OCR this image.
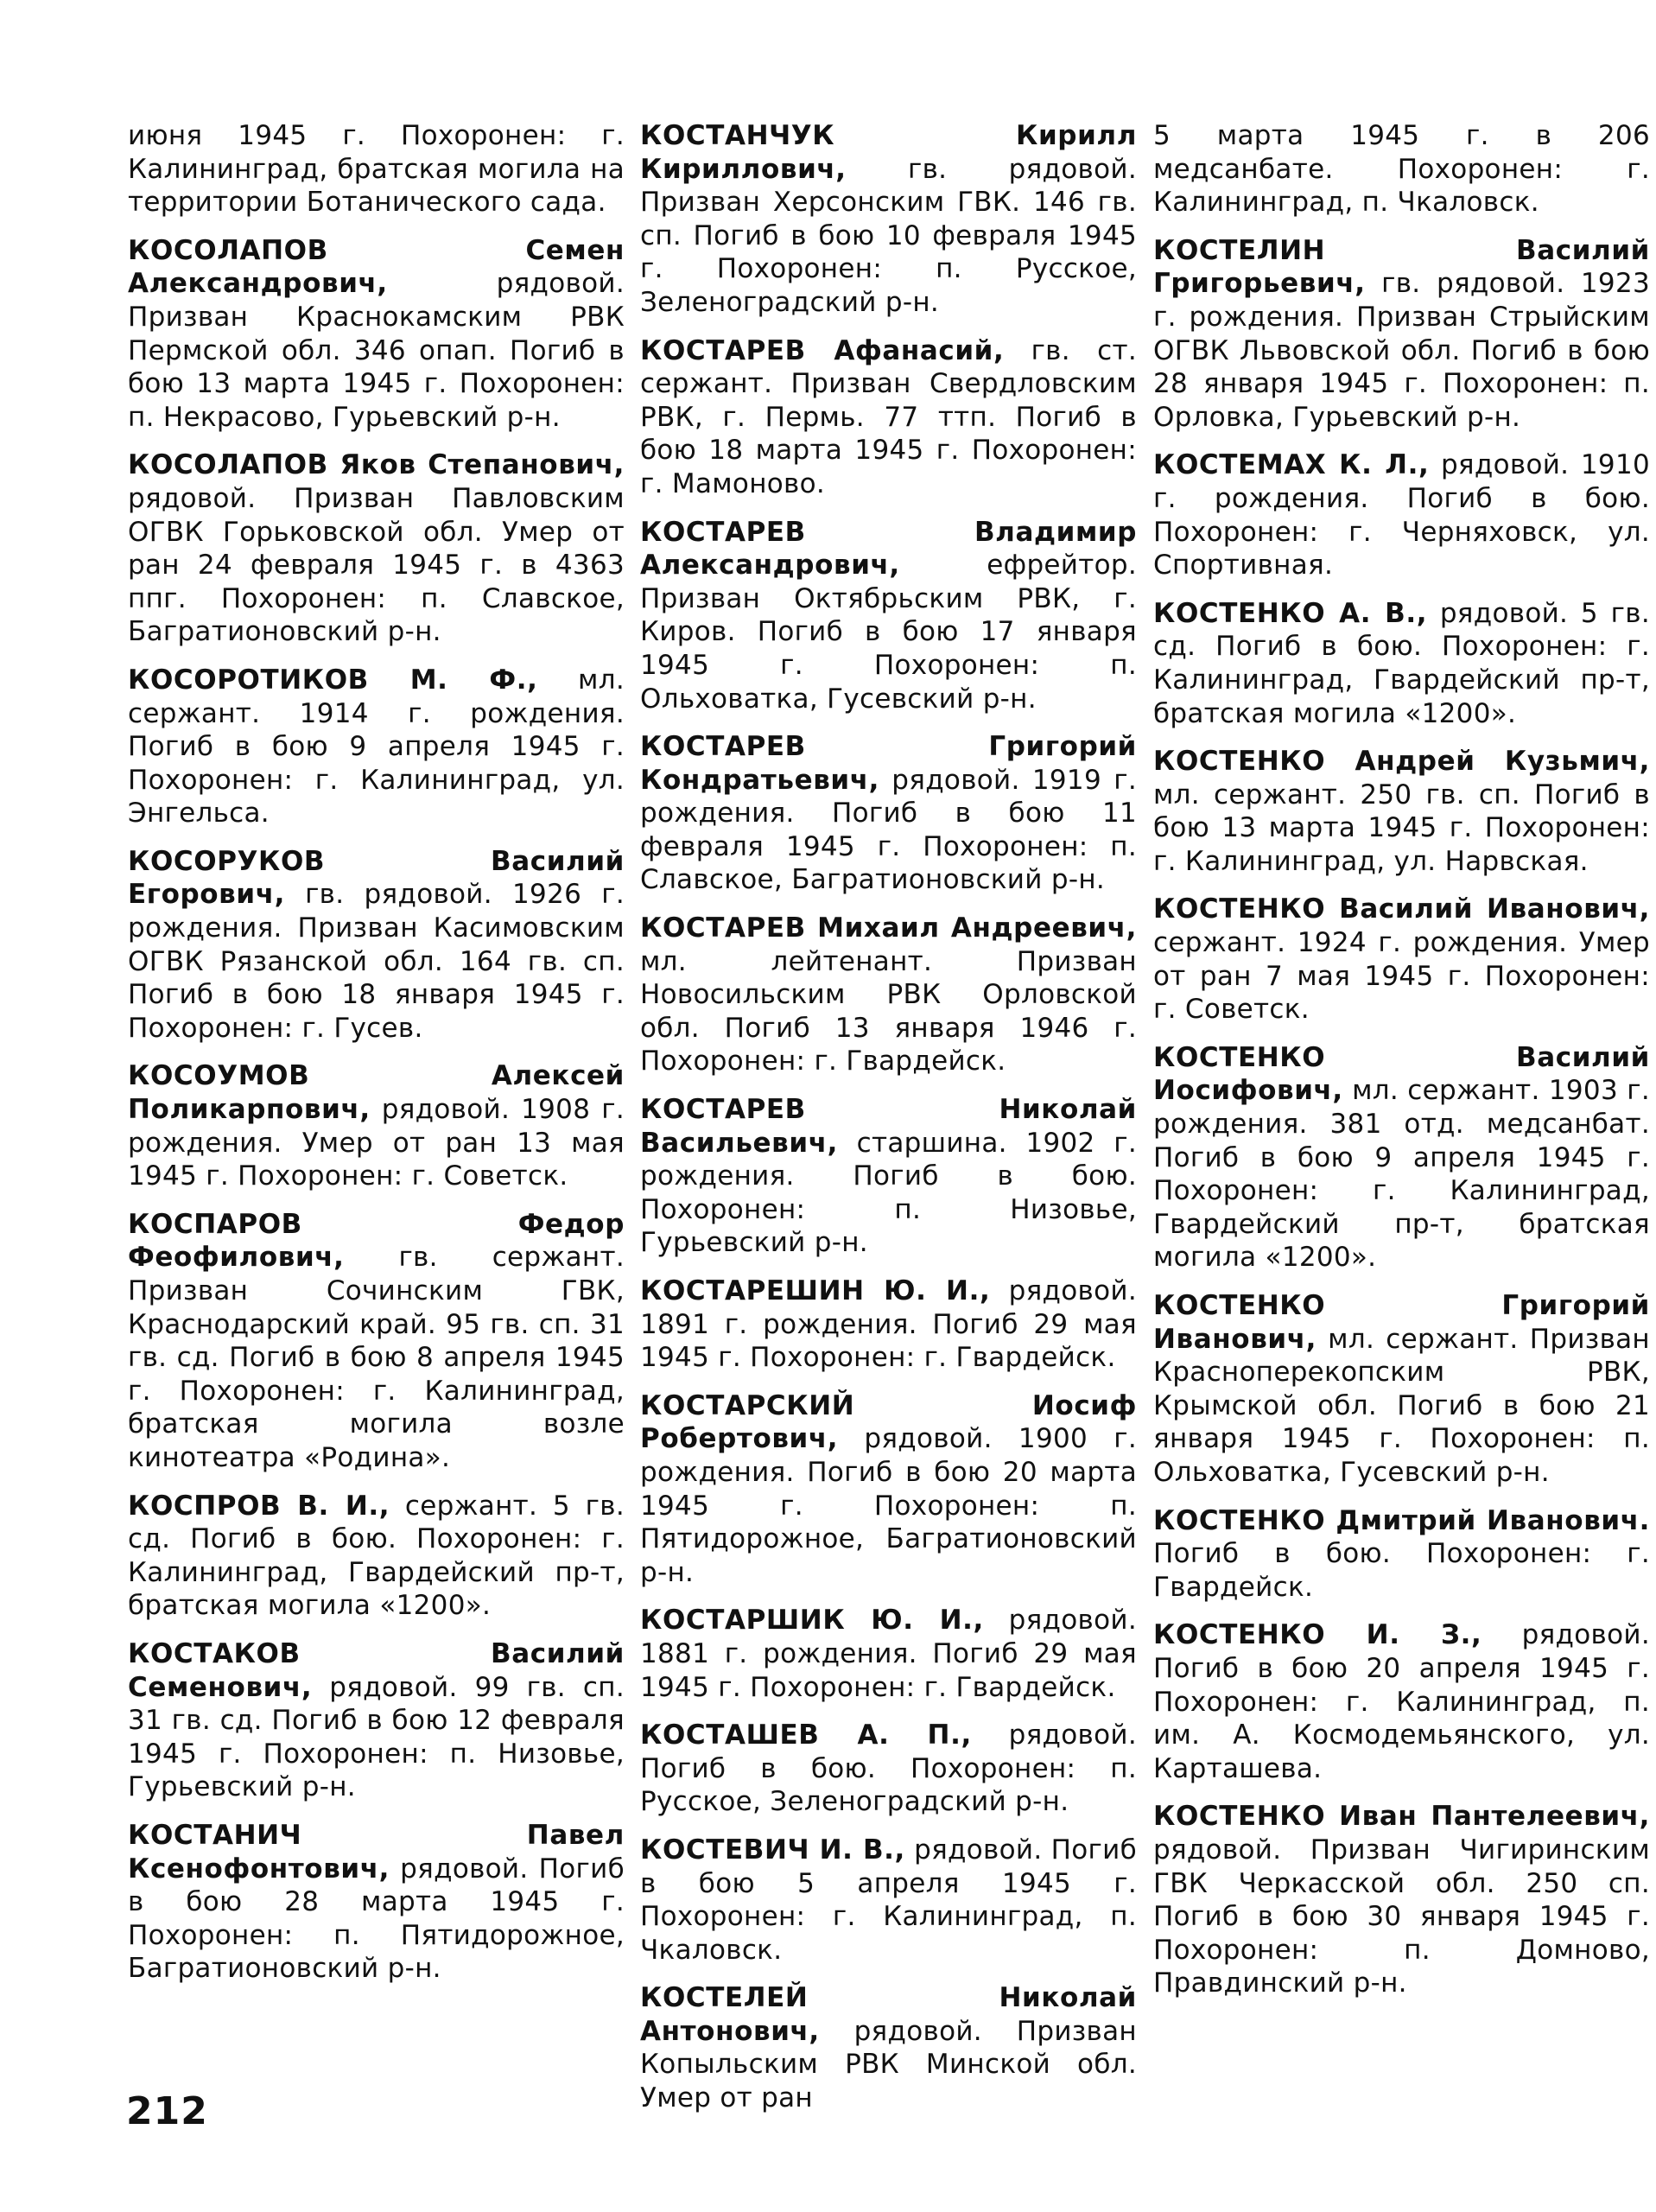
июня 1945 г. Похоронен: г. Калининград, братская могила на территории Ботанического сада.

КОСОЛАПОВ Семен Александрович, рядовой. Призван Краснокамским РВК Пермской обл. 346 опап. Погиб в бою 13 марта 1945 г. Похоронен: п. Некрасово, Гурьевский р-н.

КОСОЛАПОВ Яков Степанович, рядовой. Призван Павловским ОГВК Горьковской обл. Умер от ран 24 февраля 1945 г. в 4363 ппг. Похоронен: п. Славское, Багратионовский р-н.

КОСОРОТИКОВ М. Ф., мл. сержант. 1914 г. рождения. Погиб в бою 9 апреля 1945 г. Похоронен: г. Калининград, ул. Энгельса.

КОСОРУКОВ Василий Егорович, гв. рядовой. 1926 г. рождения. Призван Касимовским ОГВК Рязанской обл. 164 гв. сп. Погиб в бою 18 января 1945 г. Похоронен: г. Гусев.

КОСОУМОВ Алексей Поликарпович, рядовой. 1908 г. рождения. Умер от ран 13 мая 1945 г. Похоронен: г. Советск.

КОСПАРОВ Федор Феофилович, гв. сержант. Призван Сочинским ГВК, Краснодарский край. 95 гв. сп. 31 гв. сд. Погиб в бою 8 апреля 1945 г. Похоронен: г. Калининград, братская могила возле кинотеатра «Родина».

КОСПРОВ В. И., сержант. 5 гв. сд. Погиб в бою. Похоронен: г. Калининград, Гвардейский пр-т, братская могила «1200».

КОСТАКОВ Василий Семенович, рядовой. 99 гв. сп. 31 гв. сд. Погиб в бою 12 февраля 1945 г. Похоронен: п. Низовье, Гурьевский р-н.

КОСТАНИЧ Павел Ксенофонтович, рядовой. Погиб в бою 28 марта 1945 г. Похоронен: п. Пятидорожное, Багратионовский р-н.

КОСТАНЧУК Кирилл Кириллович, гв. рядовой. Призван Херсонским ГВК. 146 гв. сп. Погиб в бою 10 февраля 1945 г. Похоронен: п. Русское, Зеленоградский р-н.

КОСТАРЕВ Афанасий, гв. ст. сержант. Призван Свердловским РВК, г. Пермь. 77 ттп. Погиб в бою 18 марта 1945 г. Похоронен: г. Мамоново.

КОСТАРЕВ Владимир Александрович, ефрейтор. Призван Октябрьским РВК, г. Киров. Погиб в бою 17 января 1945 г. Похоронен: п. Ольховатка, Гусевский р-н.

КОСТАРЕВ Григорий Кондратьевич, рядовой. 1919 г. рождения. Погиб в бою 11 февраля 1945 г. Похоронен: п. Славское, Багратионовский р-н.

КОСТАРЕВ Михаил Андреевич, мл. лейтенант. Призван Новосильским РВК Орловской обл. Погиб 13 января 1946 г. Похоронен: г. Гвардейск.

КОСТАРЕВ Николай Васильевич, старшина. 1902 г. рождения. Погиб в бою. Похоронен: п. Низовье, Гурьевский р-н.

КОСТАРЕШИН Ю. И., рядовой. 1891 г. рождения. Погиб 29 мая 1945 г. Похоронен: г. Гвардейск.

КОСТАРСКИЙ Иосиф Робертович, рядовой. 1900 г. рождения. Погиб в бою 20 марта 1945 г. Похоронен: п. Пятидорожное, Багратионовский р-н.

КОСТАРШИК Ю. И., рядовой. 1881 г. рождения. Погиб 29 мая 1945 г. Похоронен: г. Гвардейск.

КОСТАШЕВ А. П., рядовой. Погиб в бою. Похоронен: п. Русское, Зеленоградский р-н.

КОСТЕВИЧ И. В., рядовой. Погиб в бою 5 апреля 1945 г. Похоронен: г. Калининград, п. Чкаловск.

КОСТЕЛЕЙ Николай Антонович, рядовой. Призван Копыльским РВК Минской обл. Умер от ран

5 марта 1945 г. в 206 медсанбате. Похоронен: г. Калининград, п. Чкаловск.

КОСТЕЛИН Василий Григорьевич, гв. рядовой. 1923 г. рождения. Призван Стрыйским ОГВК Львовской обл. Погиб в бою 28 января 1945 г. Похоронен: п. Орловка, Гурьевский р-н.

КОСТЕМАХ К. Л., рядовой. 1910 г. рождения. Погиб в бою. Похоронен: г. Черняховск, ул. Спортивная.

КОСТЕНКО А. В., рядовой. 5 гв. сд. Погиб в бою. Похоронен: г. Калининград, Гвардейский пр-т, братская могила «1200».

КОСТЕНКО Андрей Кузьмич, мл. сержант. 250 гв. сп. Погиб в бою 13 марта 1945 г. Похоронен: г. Калининград, ул. Нарвская.

КОСТЕНКО Василий Иванович, сержант. 1924 г. рождения. Умер от ран 7 мая 1945 г. Похоронен: г. Советск.

КОСТЕНКО Василий Иосифович, мл. сержант. 1903 г. рождения. 381 отд. медсанбат. Погиб в бою 9 апреля 1945 г. Похоронен: г. Калининград, Гвардейский пр-т, братская могила «1200».

КОСТЕНКО Григорий Иванович, мл. сержант. Призван Краснoперекопским РВК, Крымской обл. Погиб в бою 21 января 1945 г. Похоронен: п. Ольховатка, Гусевский р-н.

КОСТЕНКО Дмитрий Иванович. Погиб в бою. Похоронен: г. Гвардейск.

КОСТЕНКО И. З., рядовой. Погиб в бою 20 апреля 1945 г. Похоронен: г. Калининград, п. им. А. Космодемьянского, ул. Карташева.

КОСТЕНКО Иван Пантелеевич, рядовой. Призван Чигиринским ГВК Черкасской обл. 250 сп. Погиб в бою 30 января 1945 г. Похоронен: п. Домново, Правдинский р-н.

212
